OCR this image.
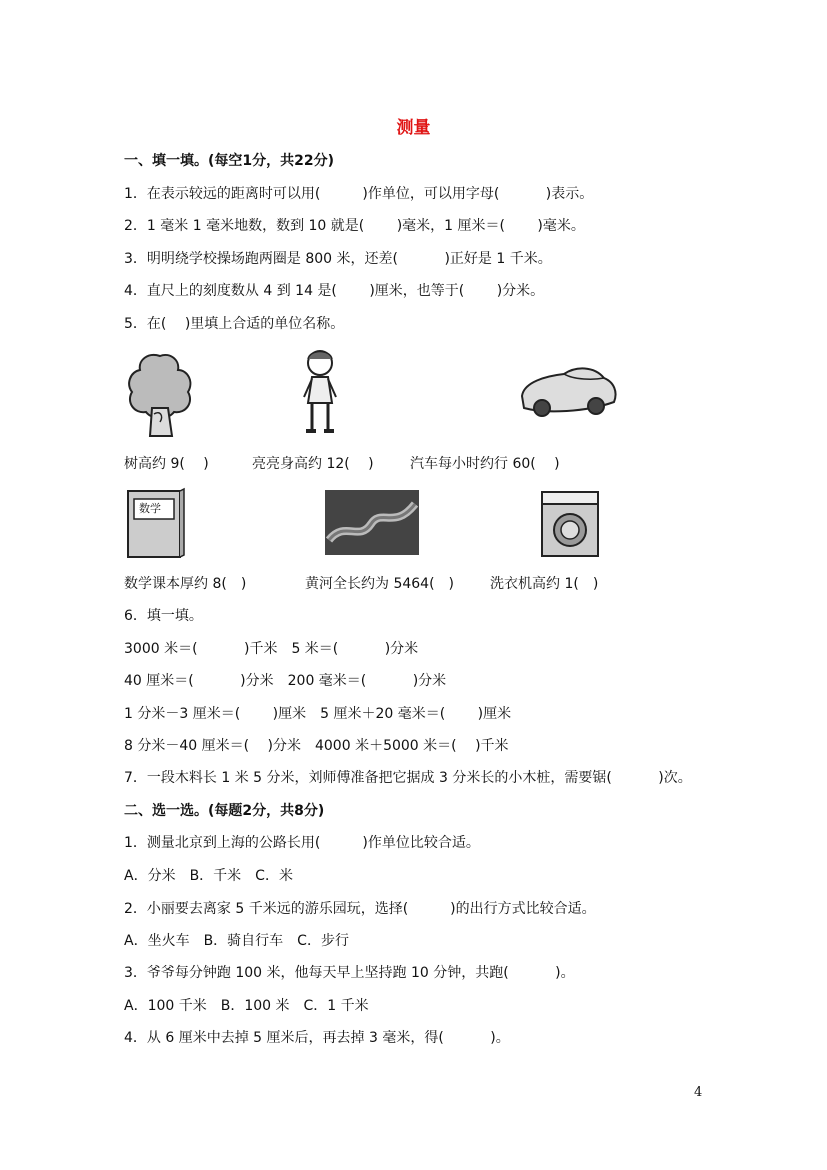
测量
一、填一填。(每空1分，共22分)
1．在表示较远的距离时可以用(　　　)作单位，可以用字母(　　　 )表示。
2．1 毫米 1 毫米地数，数到 10 就是(　　 )毫米，1 厘米＝(　　 )毫米。
3．明明绕学校操场跑两圈是 800 米，还差(　　　 )正好是 1 千米。
4．直尺上的刻度数从 4 到 14 是(　　 )厘米，也等于(　　 )分米。
5．在(　 )里填上合适的单位名称。
树高约 9(　 )	亮亮身高约 12(　 )	汽车每小时约行 60(　 )
数学
数学课本厚约 8(　)	黄河全长约为 5464(　)	洗衣机高约 1(　)
6．填一填。
3000 米＝(　　　 )千米　5 米＝(　　　 )分米
40 厘米＝(　　　 )分米　200 毫米＝(　　　 )分米
1 分米－3 厘米＝(　　 )厘米　5 厘米＋20 毫米＝(　　 )厘米
8 分米－40 厘米＝(　 )分米　4000 米＋5000 米＝(　 )千米
7．一段木料长 1 米 5 分米，刘师傅准备把它据成 3 分米长的小木桩，需要锯(　　　 )次。
二、选一选。(每题2分，共8分)
1．测量北京到上海的公路长用(　　　)作单位比较合适。
A．分米　B．千米　C．米
2．小丽要去离家 5 千米远的游乐园玩，选择(　　　)的出行方式比较合适。
A．坐火车　B．骑自行车　C．步行
3．爷爷每分钟跑 100 米，他每天早上坚持跑 10 分钟，共跑(　　　 )。
A．100 千米　B．100 米　C．1 千米
4．从 6 厘米中去掉 5 厘米后，再去掉 3 毫米，得(　　　 )。
4
